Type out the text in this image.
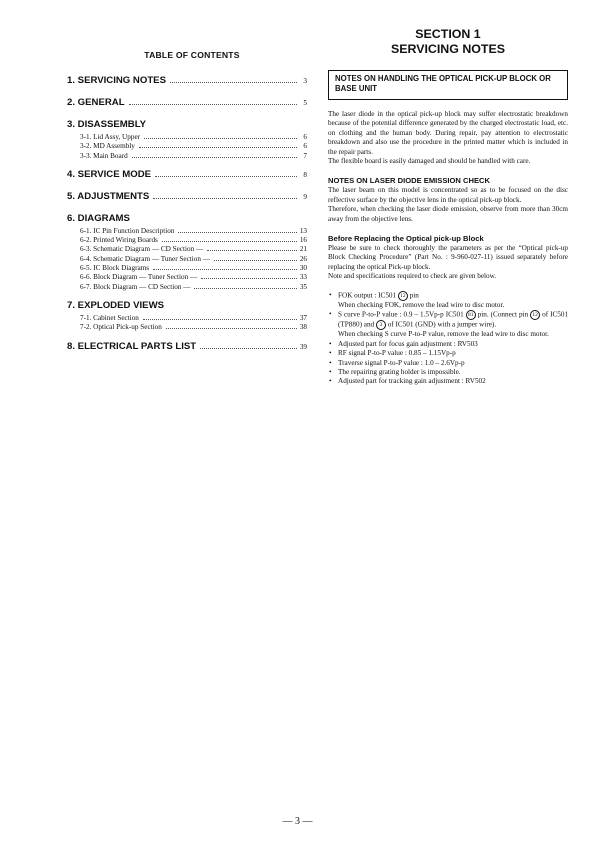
TABLE OF CONTENTS
1. SERVICING NOTES	3
2. GENERAL	5
3. DISASSEMBLY
3-1. Lid Assy, Upper	6
3-2. MD Assembly	6
3-3. Main Board	7
4. SERVICE MODE	8
5. ADJUSTMENTS	9
6. DIAGRAMS
6-1. IC Pin Function Description	13
6-2. Printed Wiring Boards	16
6-3. Schematic Diagram — CD Section —	21
6-4. Schematic Diagram — Tuner Section —	26
6-5. IC Block Diagrams	30
6-6. Block Diagram — Tuner Section —	33
6-7. Block Diagram — CD Section —	35
7. EXPLODED VIEWS
7-1. Cabinet Section	37
7-2. Optical Pick-up Section	38
8. ELECTRICAL PARTS LIST	39
SECTION 1
SERVICING NOTES
NOTES ON HANDLING THE OPTICAL PICK-UP BLOCK OR BASE UNIT

The laser diode in the optical pick-up block may suffer electrostatic breakdown because of the potential difference generated by the charged electrostatic load, etc. on clothing and the human body. During repair, pay attention to electrostatic breakdown and also use the procedure in the printed matter which is included in the repair parts.

The flexible board is easily damaged and should be handled with care.

NOTES ON LASER DIODE EMISSION CHECK

The laser beam on this model is concentrated so as to be focused on the disc reflective surface by the objective lens in the optical pick-up block.

Therefore, when checking the laser diode emission, observe from more than 30cm away from the objective lens.

Before Replacing the Optical pick-up Block

Please be sure to check thoroughly the parameters as per the “Optical pick-up Block Checking Procedure” (Part No. : 9-960-027-11) issued separately before replacing the optical Pick-up block.

Note and specifications required to check are given below.

• FOK output : IC501 12 pin
When checking FOK, remove the lead wire to disc motor.
• S curve P-to-P value : 0.9 – 1.5Vp-p IC501 81 pin. (Connect pin 12 of IC501 (TP880) and 3 of IC501 (GND) with a jumper wire).
When checking S curve P-to-P value, remove the lead wire to disc motor.
• Adjusted part for focus gain adjustment : RV503
• RF signal P-to-P value : 0.85 – 1.15Vp-p
• Traverse signal P-to-P value : 1.0 – 2.6Vp-p
• The repairing grating holder is impossible.
• Adjusted part for tracking gain adjustment : RV502
— 3 —
